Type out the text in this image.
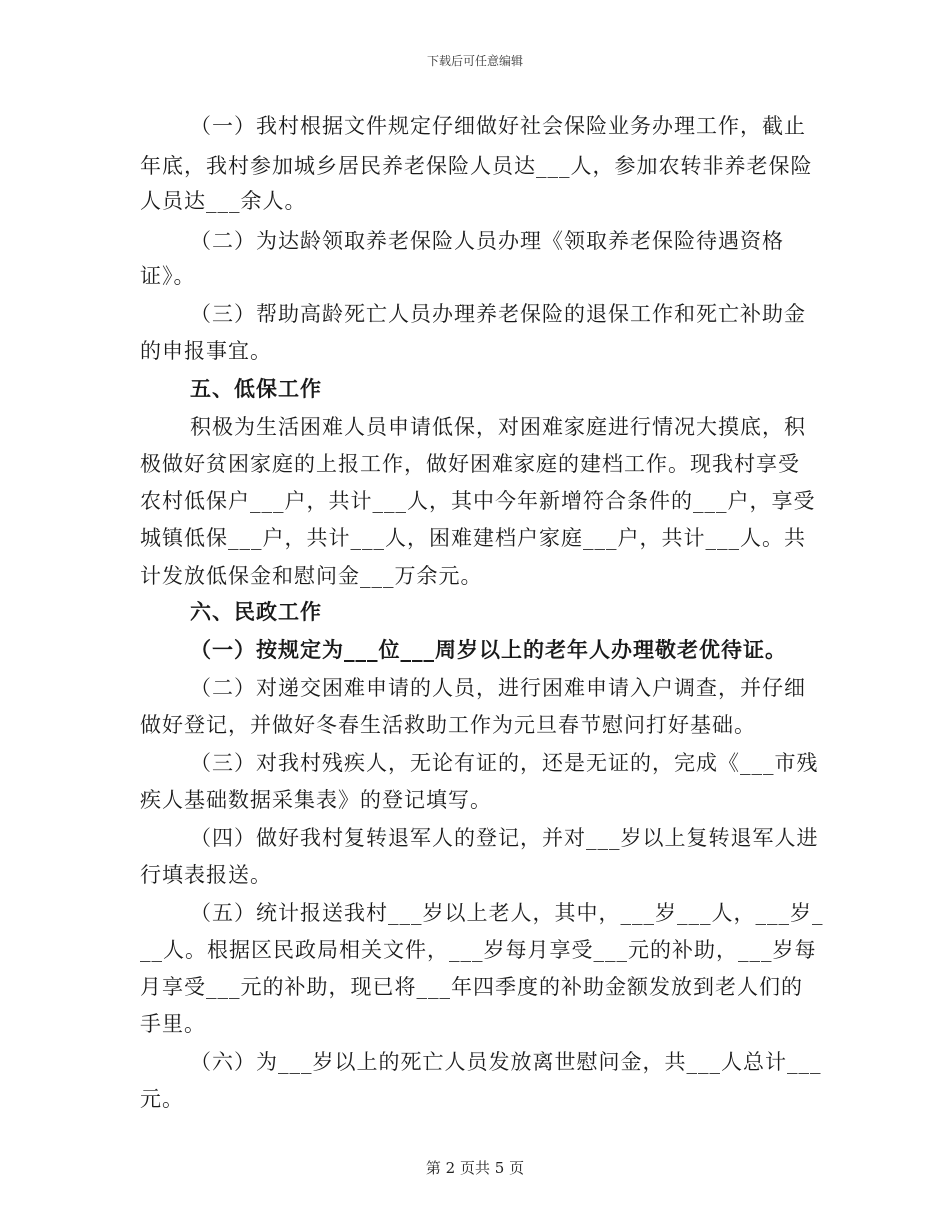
下载后可任意编辑
（一）我村根据文件规定仔细做好社会保险业务办理工作，截止
年底，我村参加城乡居民养老保险人员达___人，参加农转非养老保险
人员达___余人。
（二）为达龄领取养老保险人员办理《领取养老保险待遇资格
证》。
（三）帮助高龄死亡人员办理养老保险的退保工作和死亡补助金
的申报事宜。
五、低保工作
积极为生活困难人员申请低保，对困难家庭进行情况大摸底，积
极做好贫困家庭的上报工作，做好困难家庭的建档工作。现我村享受
农村低保户___户，共计___人，其中今年新增符合条件的___户，享受
城镇低保___户，共计___人，困难建档户家庭___户，共计___人。共
计发放低保金和慰问金___万余元。
六、民政工作
（一）按规定为___位___周岁以上的老年人办理敬老优待证。
（二）对递交困难申请的人员，进行困难申请入户调查，并仔细
做好登记，并做好冬春生活救助工作为元旦春节慰问打好基础。
（三）对我村残疾人，无论有证的，还是无证的，完成《___市残
疾人基础数据采集表》的登记填写。
（四）做好我村复转退军人的登记，并对___岁以上复转退军人进
行填表报送。
（五）统计报送我村___岁以上老人，其中，___岁___人，___岁_
__人。根据区民政局相关文件，___岁每月享受___元的补助，___岁每
月享受___元的补助，现已将___年四季度的补助金额发放到老人们的
手里。
（六）为___岁以上的死亡人员发放离世慰问金，共___人总计___
元。
第 2 页共 5 页
